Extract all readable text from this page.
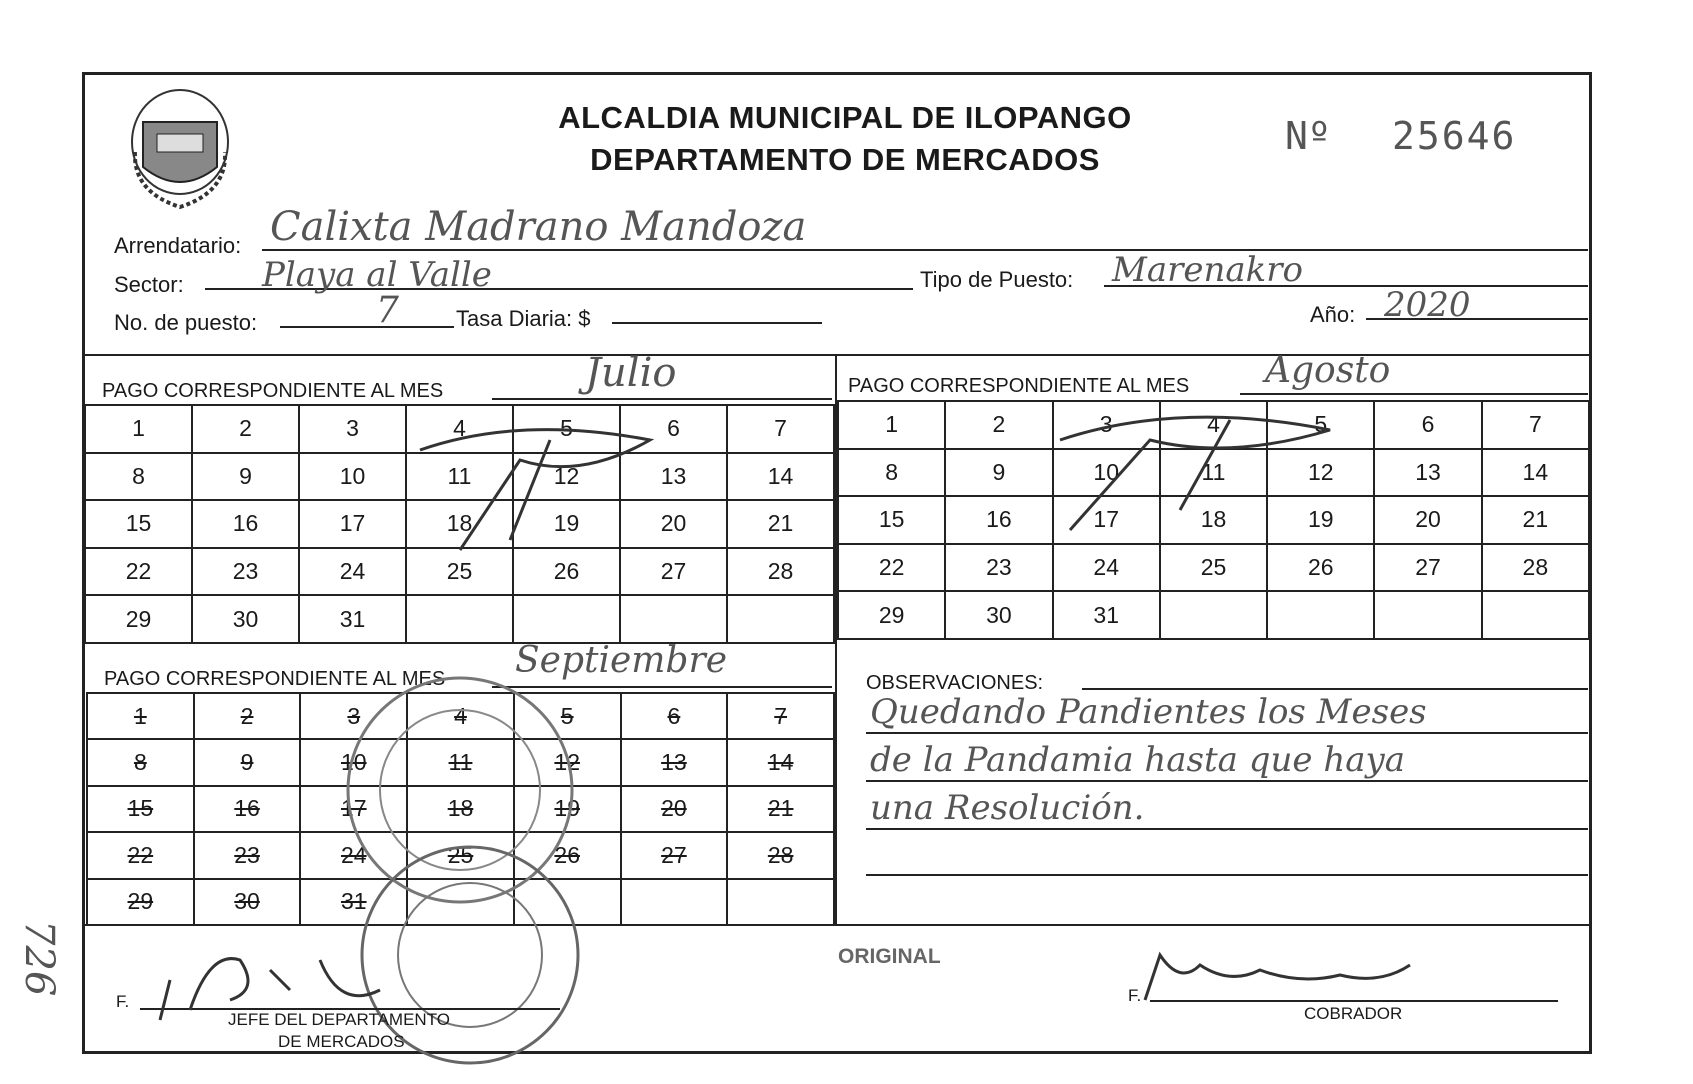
ALCALDIA MUNICIPAL DE ILOPANGO
DEPARTAMENTO DE MERCADOS
Nº 25646
Arrendatario: Calixta Madrano Mandoza
Sector: Playa al Valle	Tipo de Puesto: Marenakro
No. de puesto:	7	Tasa Diaria: $	Año: 2020
PAGO CORRESPONDIENTE AL MES	Julio
1	2	3	4	5	6	7
8	9	10	11	12	13	14
15	16	17	18	19	20	21
22	23	24	25	26	27	28
29	30	31
PAGO CORRESPONDIENTE AL MES Agosto
1	2	3	4	5	6	7
8	9	10	11	12	13	14
15	16	17	18	19	20	21
22	23	24	25	26	27	28
29	30	31
PAGO CORRESPONDIENTE AL MES Septiembre
1	2	3	4	5	6	7
8	9	10	11	12	13	14
15	16	17	18	19	20	21
22	23	24	25	26	27	28
29	30	31
OBSERVACIONES:
Quedando Pandientes los Meses
de la Pandamia hasta que haya
una Resolución.
ORIGINAL
F.
JEFE DEL DEPARTAMENTO
DE MERCADOS
F.
COBRADOR
726
